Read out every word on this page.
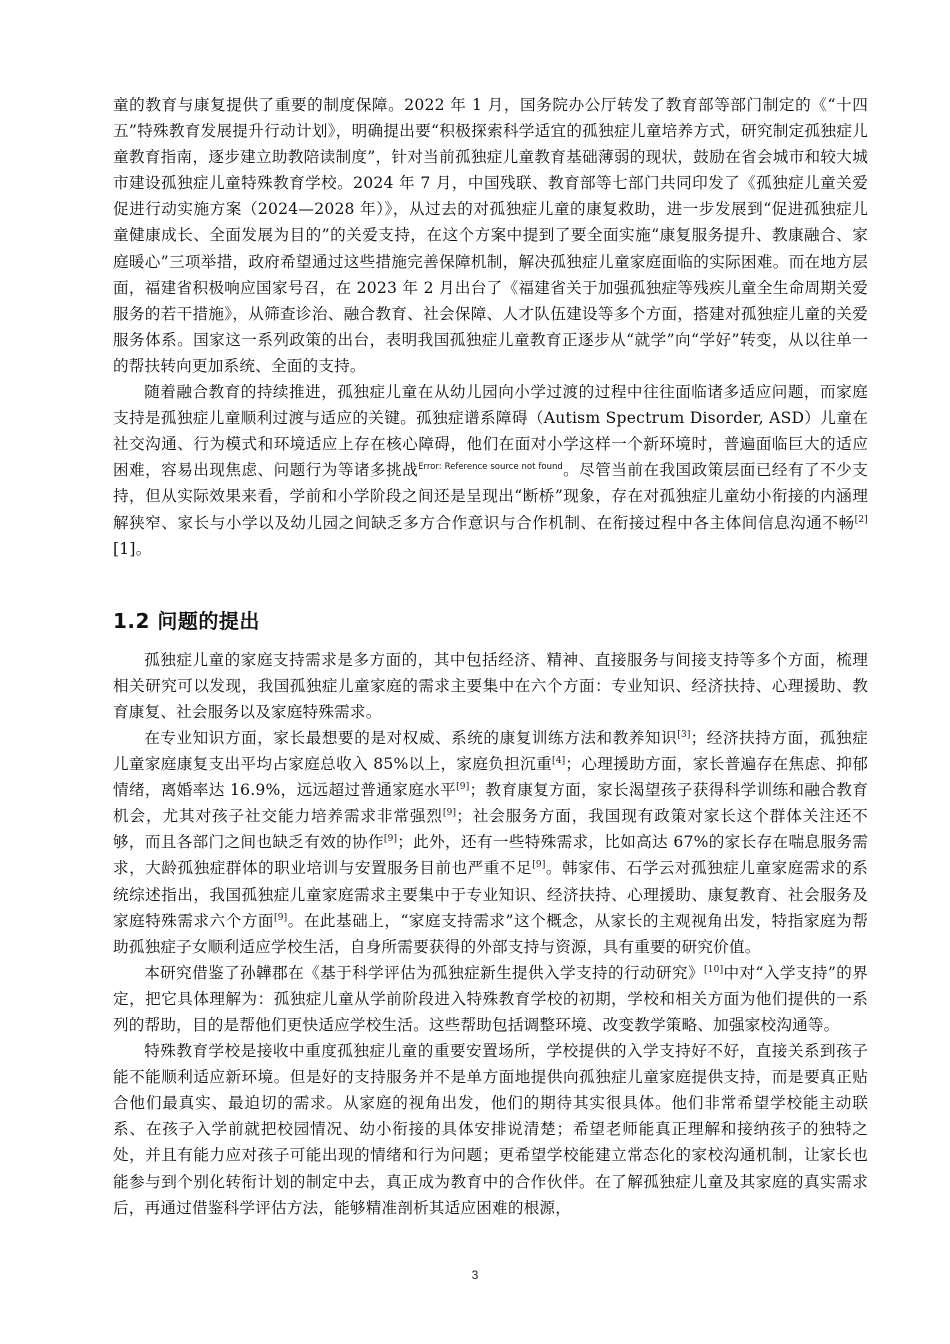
童的教育与康复提供了重要的制度保障。2022 年 1 月，国务院办公厅转发了教育部等部门制定的《“十四五”特殊教育发展提升行动计划》，明确提出要“积极探索科学适宜的孤独症儿童培养方式，研究制定孤独症儿童教育指南，逐步建立助教陪读制度”，针对当前孤独症儿童教育基础薄弱的现状，鼓励在省会城市和较大城市建设孤独症儿童特殊教育学校。2024 年 7 月，中国残联、教育部等七部门共同印发了《孤独症儿童关爱促进行动实施方案（2024—2028 年）》，从过去的对孤独症儿童的康复救助，进一步发展到“促进孤独症儿童健康成长、全面发展为目的”的关爱支持，在这个方案中提到了要全面实施“康复服务提升、教康融合、家庭暖心”三项举措，政府希望通过这些措施完善保障机制，解决孤独症儿童家庭面临的实际困难。而在地方层面，福建省积极响应国家号召，在 2023 年 2 月出台了《福建省关于加强孤独症等残疾儿童全生命周期关爱服务的若干措施》，从筛查诊治、融合教育、社会保障、人才队伍建设等多个方面，搭建对孤独症儿童的关爱服务体系。国家这一系列政策的出台，表明我国孤独症儿童教育正逐步从“就学”向“学好”转变，从以往单一的帮扶转向更加系统、全面的支持。

随着融合教育的持续推进，孤独症儿童在从幼儿园向小学过渡的过程中往往面临诸多适应问题，而家庭支持是孤独症儿童顺利过渡与适应的关键。孤独症谱系障碍（Autism Spectrum Disorder, ASD）儿童在社交沟通、行为模式和环境适应上存在核心障碍，他们在面对小学这样一个新环境时，普遍面临巨大的适应困难，容易出现焦虑、问题行为等诸多挑战$^{Error: Reference source not found}$。尽管当前在我国政策层面已经有了不少支持，但从实际效果来看，学前和小学阶段之间还是呈现出“断桥”现象，存在对孤独症儿童幼小衔接的内涵理解狭窄、家长与小学以及幼儿园之间缺乏多方合作意识与合作机制、在衔接过程中各主体间信息沟通不畅[2][1]。

1.2 问题的提出

孤独症儿童的家庭支持需求是多方面的，其中包括经济、精神、直接服务与间接支持等多个方面，梳理相关研究可以发现，我国孤独症儿童家庭的需求主要集中在六个方面：专业知识、经济扶持、心理援助、教育康复、社会服务以及家庭特殊需求。

在专业知识方面，家长最想要的是对权威、系统的康复训练方法和教养知识[3]；经济扶持方面，孤独症儿童家庭康复支出平均占家庭总收入 85%以上，家庭负担沉重[4]；心理援助方面，家长普遍存在焦虑、抑郁情绪，离婚率达 16.9%，远远超过普通家庭水平[9]；教育康复方面，家长渴望孩子获得科学训练和融合教育机会，尤其对孩子社交能力培养需求非常强烈[9]；社会服务方面，我国现有政策对家长这个群体关注还不够，而且各部门之间也缺乏有效的协作[9]；此外，还有一些特殊需求，比如高达 67%的家长存在喘息服务需求，大龄孤独症群体的职业培训与安置服务目前也严重不足[9]。韩家伟、石学云对孤独症儿童家庭需求的系统综述指出，我国孤独症儿童家庭需求主要集中于专业知识、经济扶持、心理援助、康复教育、社会服务及家庭特殊需求六个方面[9]。在此基础上，“家庭支持需求”这个概念，从家长的主观视角出发，特指家庭为帮助孤独症子女顺利适应学校生活，自身所需要获得的外部支持与资源，具有重要的研究价值。

本研究借鉴了孙韡郡在《基于科学评估为孤独症新生提供入学支持的行动研究》[10]中对“入学支持”的界定，把它具体理解为：孤独症儿童从学前阶段进入特殊教育学校的初期，学校和相关方面为他们提供的一系列的帮助，目的是帮他们更快适应学校生活。这些帮助包括调整环境、改变教学策略、加强家校沟通等。

特殊教育学校是接收中重度孤独症儿童的重要安置场所，学校提供的入学支持好不好，直接关系到孩子能不能顺利适应新环境。但是好的支持服务并不是单方面地提供向孤独症儿童家庭提供支持，而是要真正贴合他们最真实、最迫切的需求。从家庭的视角出发，他们的期待其实很具体。他们非常希望学校能主动联系、在孩子入学前就把校园情况、幼小衔接的具体安排说清楚；希望老师能真正理解和接纳孩子的独特之处，并且有能力应对孩子可能出现的情绪和行为问题；更希望学校能建立常态化的家校沟通机制，让家长也能参与到个别化转衔计划的制定中去，真正成为教育中的合作伙伴。在了解孤独症儿童及其家庭的真实需求后，再通过借鉴科学评估方法，能够精准剖析其适应困难的根源，

3
